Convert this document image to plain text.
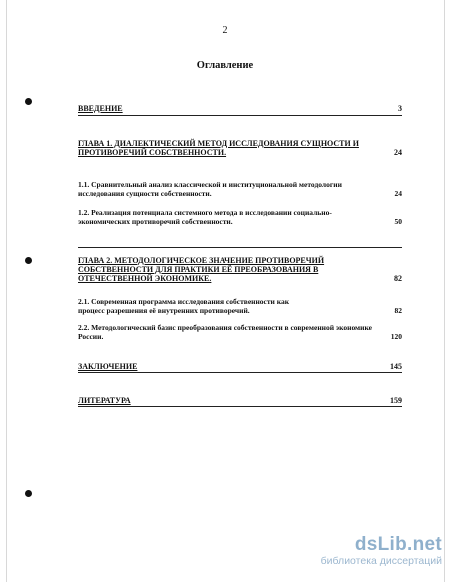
2
Оглавление
ВВЕДЕНИЕ	3
ГЛАВА 1. ДИАЛЕКТИЧЕСКИЙ МЕТОД ИССЛЕДОВАНИЯ СУЩНОСТИ И ПРОТИВОРЕЧИЙ СОБСТВЕННОСТИ.	24
1.1. Сравнительный анализ классической и институциональной методологии исследования сущности собственности.	24
1.2. Реализация потенциала системного метода в исследовании социально-экономических противоречий собственности.	50
ГЛАВА 2. МЕТОДОЛОГИЧЕСКОЕ ЗНАЧЕНИЕ ПРОТИВОРЕЧИЙ СОБСТВЕННОСТИ ДЛЯ ПРАКТИКИ ЕЁ ПРЕОБРАЗОВАНИЯ В ОТЕЧЕСТВЕННОЙ ЭКОНОМИКЕ.	82
2.1. Современная программа исследования собственности как процесс разрешения её внутренних противоречий.	82
2.2. Методологический базис преобразования собственности в современной экономике России.	120
ЗАКЛЮЧЕНИЕ	145
ЛИТЕРАТУРА	159
dsLib.net
библиотека диссертаций
